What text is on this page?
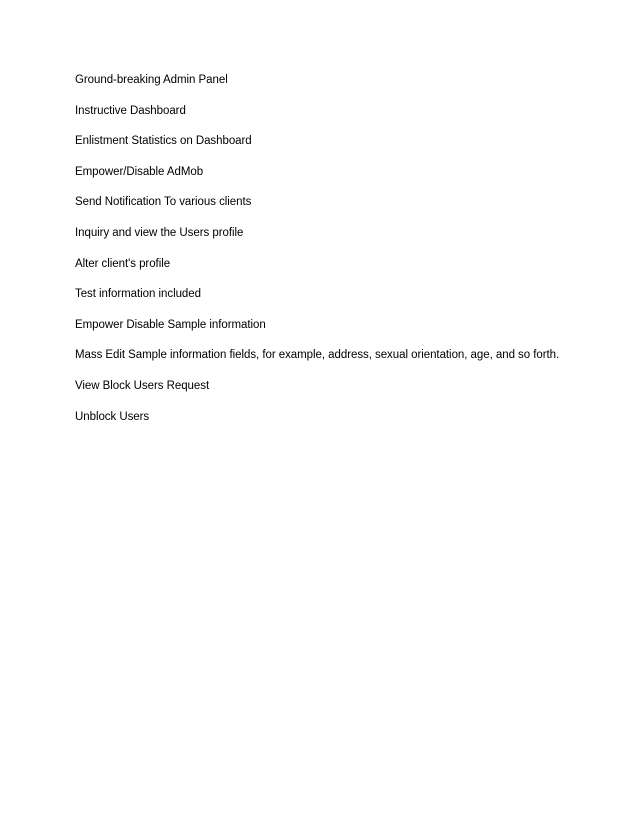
Ground-breaking Admin Panel
Instructive Dashboard
Enlistment Statistics on Dashboard
Empower/Disable AdMob
Send Notification To various clients
Inquiry and view the Users profile
Alter client's profile
Test information included
Empower Disable Sample information
Mass Edit Sample information fields, for example, address, sexual orientation, age, and so forth.
View Block Users Request
Unblock Users
